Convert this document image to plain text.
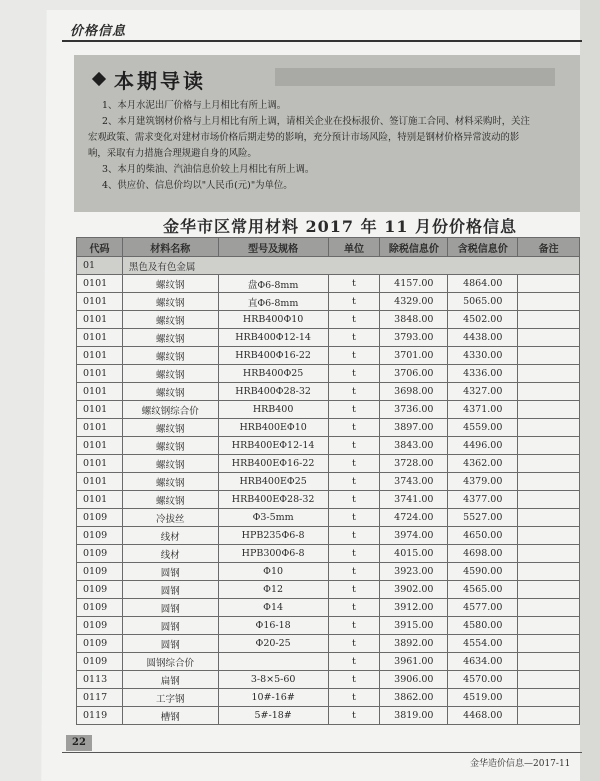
价格信息
本期导读
1、本月水泥出厂价格与上月相比有所上调。
2、本月建筑钢材价格与上月相比有所上调，请相关企业在投标报价、签订施工合同、材料采购时，关注
宏观政策、需求变化对建材市场价格后期走势的影响，充分预计市场风险，特别是钢材价格异常波动的影
响，采取有力措施合理规避自身的风险。
3、本月的柴油、汽油信息价较上月相比有所上调。
4、供应价、信息价均以"人民币(元)"为单位。
金华市区常用材料 2017 年 11 月份价格信息
代码	材料名称	型号及规格	单位	除税信息价	含税信息价	备注
01	黑色及有色金属					
0101	螺纹钢	盘Φ6-8mm	t	4157.00	4864.00	
0101	螺纹钢	直Φ6-8mm	t	4329.00	5065.00	
0101	螺纹钢	HRB400Φ10	t	3848.00	4502.00	
0101	螺纹钢	HRB400Φ12-14	t	3793.00	4438.00	
0101	螺纹钢	HRB400Φ16-22	t	3701.00	4330.00	
0101	螺纹钢	HRB400Φ25	t	3706.00	4336.00	
0101	螺纹钢	HRB400Φ28-32	t	3698.00	4327.00	
0101	螺纹钢综合价	HRB400	t	3736.00	4371.00	
0101	螺纹钢	HRB400EΦ10	t	3897.00	4559.00	
0101	螺纹钢	HRB400EΦ12-14	t	3843.00	4496.00	
0101	螺纹钢	HRB400EΦ16-22	t	3728.00	4362.00	
0101	螺纹钢	HRB400EΦ25	t	3743.00	4379.00	
0101	螺纹钢	HRB400EΦ28-32	t	3741.00	4377.00	
0109	冷拔丝	Φ3-5mm	t	4724.00	5527.00	
0109	线材	HPB235Φ6-8	t	3974.00	4650.00	
0109	线材	HPB300Φ6-8	t	4015.00	4698.00	
0109	圆钢	Φ10	t	3923.00	4590.00	
0109	圆钢	Φ12	t	3902.00	4565.00	
0109	圆钢	Φ14	t	3912.00	4577.00	
0109	圆钢	Φ16-18	t	3915.00	4580.00	
0109	圆钢	Φ20-25	t	3892.00	4554.00	
0109	圆钢综合价		t	3961.00	4634.00	
0113	扁钢	3-8×5-60	t	3906.00	4570.00	
0117	工字钢	10#-16#	t	3862.00	4519.00	
0119	槽钢	5#-18#	t	3819.00	4468.00	
22
金华造价信息—2017-11
